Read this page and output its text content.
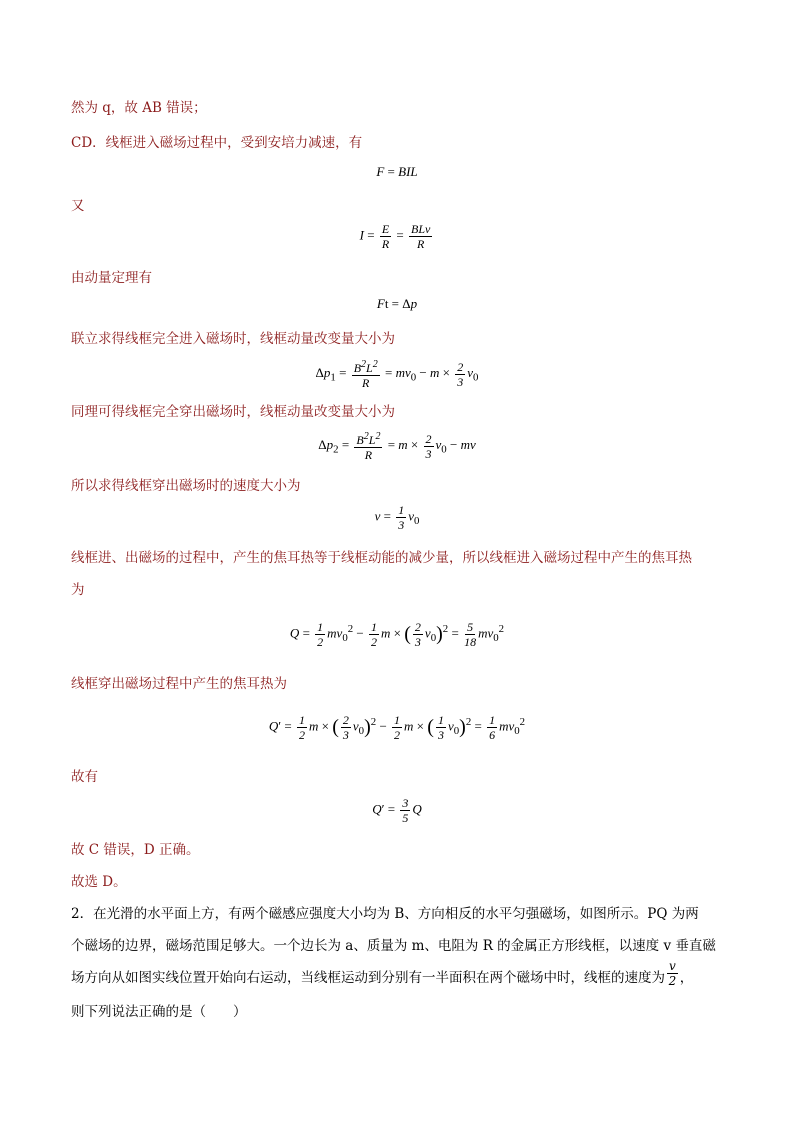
然为 q，故 AB 错误；
CD．线框进入磁场过程中，受到安培力减速，有
F = BIL
又
$I = \frac{E}{R} = \frac{\text{BLv}}{R}$
由动量定理有
Ft = Δp
联立求得线框完全进入磁场时，线框动量改变量大小为
$\Delta p_1 = \frac{B^2L^2}{R} = mv_0 - m \times \frac{2}{3} v_0$
同理可得线框完全穿出磁场时，线框动量改变量大小为
$\Delta p_2 = \frac{B^2L^2}{R} = m \times \frac{2}{3} v_0$ − mv
所以求得线框穿出磁场时的速度大小为
$v = \frac{1}{3} v_0$
线框进、出磁场的过程中，产生的焦耳热等于线框动能的减少量，所以线框进入磁场过程中产生的焦耳热
为
$Q = \frac{1}{2} mv_0^2 - \frac{1}{2}$ m × ( $\frac{2}{3} v_0)^2 = \frac{5}{18} mv_0^2$
线框穿出磁场过程中产生的焦耳热为
$Q' = \frac{1}{2}$ m × ( $\frac{2}{3} v_0)^2 - \frac{1}{2}$ m × ( $\frac{1}{3} v_0)^2 = \frac{1}{6} mv_0^2$
故有
$Q' = \frac{3}{5}$ Q
故 C 错误，D 正确。
故选 D。
2．在光滑的水平面上方，有两个磁感应强度大小均为 B、方向相反的水平匀强磁场，如图所示。PQ 为两
个磁场的边界，磁场范围足够大。一个边长为 a、质量为 m、电阻为 R 的金属正方形线框，以速度 v 垂直磁
场方向从如图实线位置开始向右运动，当线框运动到分别有一半面积在两个磁场中时，线框的速度为 $\frac{v}{2}$ ，
则下列说法正确的是（　　）
